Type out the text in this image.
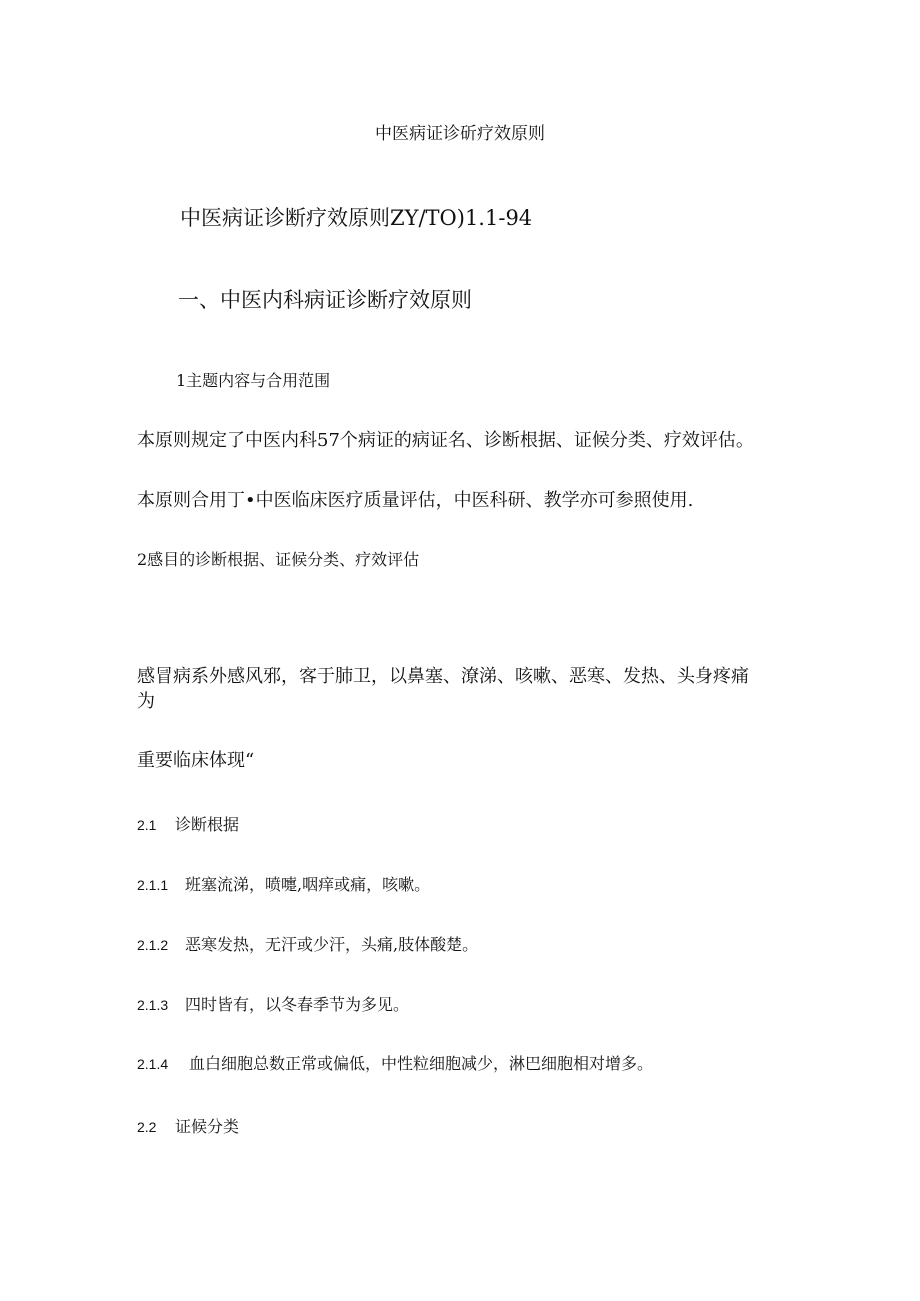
中医病证诊斫疗效原则

中医病证诊断疗效原则ZY/TO)1.1-94

一、中医内科病证诊断疗效原则

1主题内容与合用范围

本原则规定了中医内科57个病证的病证名、诊断根据、证候分类、疗效评估。

本原则合用丁•中医临床医疗质量评估，中医科研、教学亦可参照使用.

2感目的诊断根据、证候分类、疗效评估

感冒病系外感风邪，客于肺卫，以鼻塞、潦涕、咳嗽、恶寒、发热、头身疼痛

为

重要临床体现“

2.1 诊断根据

2.1.1 班塞流涕，喷嚏,咽痒或痛，咳嗽。

2.1.2 恶寒发热，无汗或少汗，头痛,肢体酸楚。

2.1.3 四时皆有，以冬春季节为多见。

2.1.4 血白细胞总数正常或偏低，中性粒细胞减少，淋巴细胞相对增多。

2.2 证候分类
